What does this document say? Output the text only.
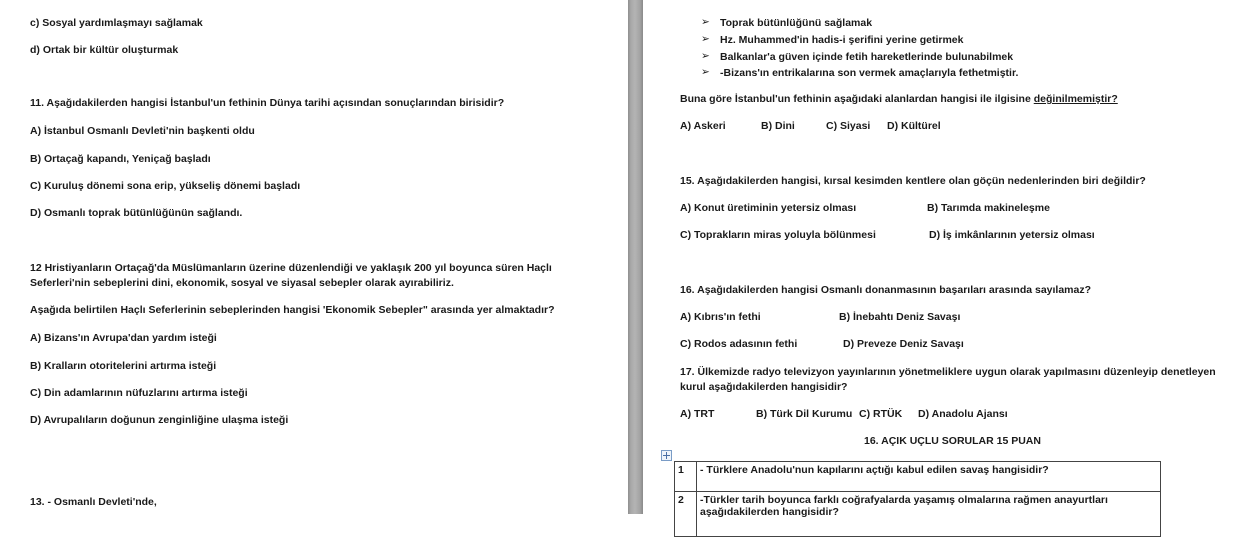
c) Sosyal yardımlaşmayı sağlamak
d) Ortak bir kültür oluşturmak
11. Aşağıdakilerden hangisi İstanbul'un fethinin Dünya tarihi açısından sonuçlarından birisidir?
A) İstanbul Osmanlı Devleti'nin başkenti oldu
B) Ortaçağ kapandı, Yeniçağ başladı
C) Kuruluş dönemi sona erip, yükseliş dönemi başladı
D) Osmanlı toprak bütünlüğünün sağlandı.
12 Hristiyanların Ortaçağ'da Müslümanların üzerine düzenlendiği ve yaklaşık 200 yıl boyunca süren Haçlı
Seferleri'nin sebeplerini dini, ekonomik, sosyal ve siyasal sebepler olarak ayırabiliriz.
Aşağıda belirtilen Haçlı Seferlerinin sebeplerinden hangisi 'Ekonomik Sebepler" arasında yer almaktadır?
A) Bizans'ın Avrupa'dan yardım isteği
B) Kralların otoritelerini artırma isteği
C) Din adamlarının nüfuzlarını artırma isteği
D) Avrupalıların doğunun zenginliğine ulaşma isteği
13. - Osmanlı Devleti'nde,
➢ Toprak bütünlüğünü sağlamak
➢ Hz. Muhammed'in hadis-i şerifini yerine getirmek
➢ Balkanlar'a güven içinde fetih hareketlerinde bulunabilmek
➢ -Bizans'ın entrikalarına son vermek amaçlarıyla fethetmiştir.
Buna göre İstanbul'un fethinin aşağıdaki alanlardan hangisi ile ilgisine değinilmemiştir?
A) Askeri	B) Dini	C) Siyasi D) Kültürel
15. Aşağıdakilerden hangisi, kırsal kesimden kentlere olan göçün nedenlerinden biri değildir?
A) Konut üretiminin yetersiz olması	B) Tarımda makineleşme
C) Toprakların miras yoluyla bölünmesi	D) İş imkânlarının yetersiz olması
16. Aşağıdakilerden hangisi Osmanlı donanmasının başarıları arasında sayılamaz?
A) Kıbrıs'ın fethi	B) İnebahtı Deniz Savaşı
C) Rodos adasının fethi	D) Preveze Deniz Savaşı
17. Ülkemizde radyo televizyon yayınlarının yönetmeliklere uygun olarak yapılmasını düzenleyip denetleyen
kurul aşağıdakilerden hangisidir?
A) TRT	B) Türk Dil Kurumu C) RTÜK D) Anadolu Ajansı
16. AÇIK UÇLU SORULAR 15 PUAN
1	- Türklere Anadolu'nun kapılarını açtığı kabul edilen savaş hangisidir?
2	-Türkler tarih boyunca farklı coğrafyalarda yaşamış olmalarına rağmen anayurtları aşağıdakilerden hangisidir?
